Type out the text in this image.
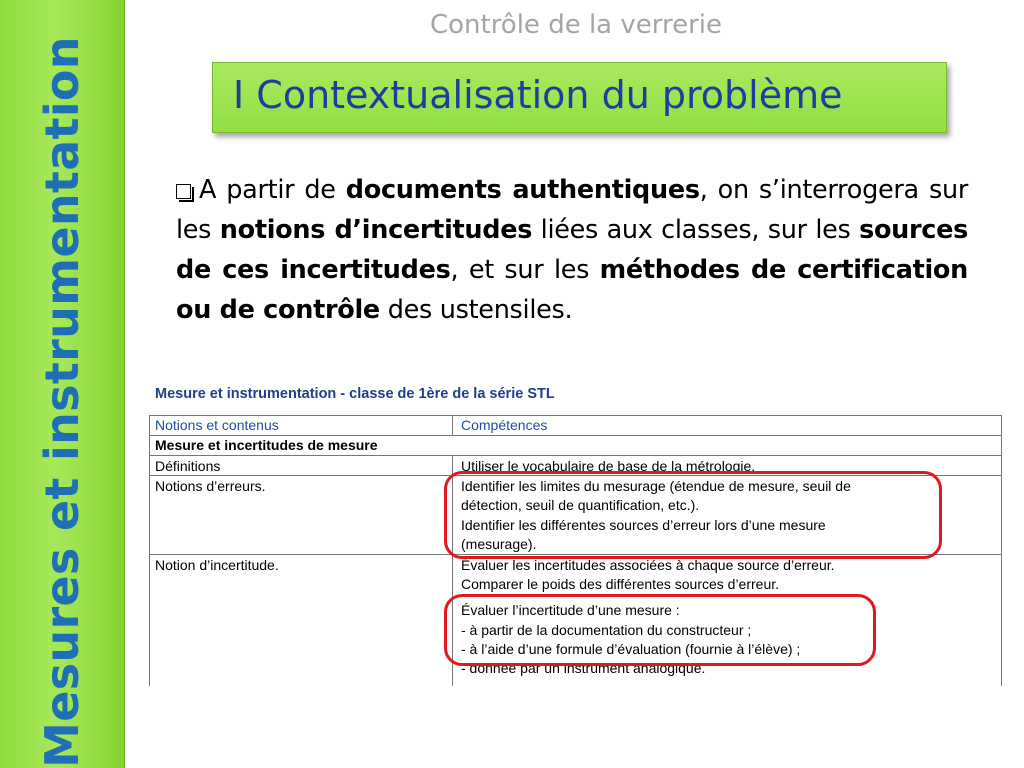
Mesures et instrumentation
Contrôle de la verrerie
I Contextualisation du problème
A partir de documents authentiques, on s’interrogera sur les notions d’incertitudes liées aux classes, sur les sources de ces incertitudes, et sur les méthodes de certification ou de contrôle des ustensiles.
Mesure et instrumentation - classe de 1ère de la série STL
Notions et contenus	Compétences
Mesure et incertitudes de mesure
Définitions	Utiliser le vocabulaire de base de la métrologie.
Notions d’erreurs.	Identifier les limites du mesurage (étendue de mesure, seuil de
détection, seuil de quantification, etc.).
Identifier les différentes sources d’erreur lors d’une mesure
(mesurage).
Notion d’incertitude.	Évaluer les incertitudes associées à chaque source d’erreur.
Comparer le poids des différentes sources d’erreur.
Évaluer l’incertitude d’une mesure :
- à partir de la documentation du constructeur ;
- à l’aide d’une formule d’évaluation (fournie à l’élève) ;
- donnée par un instrument analogique.
